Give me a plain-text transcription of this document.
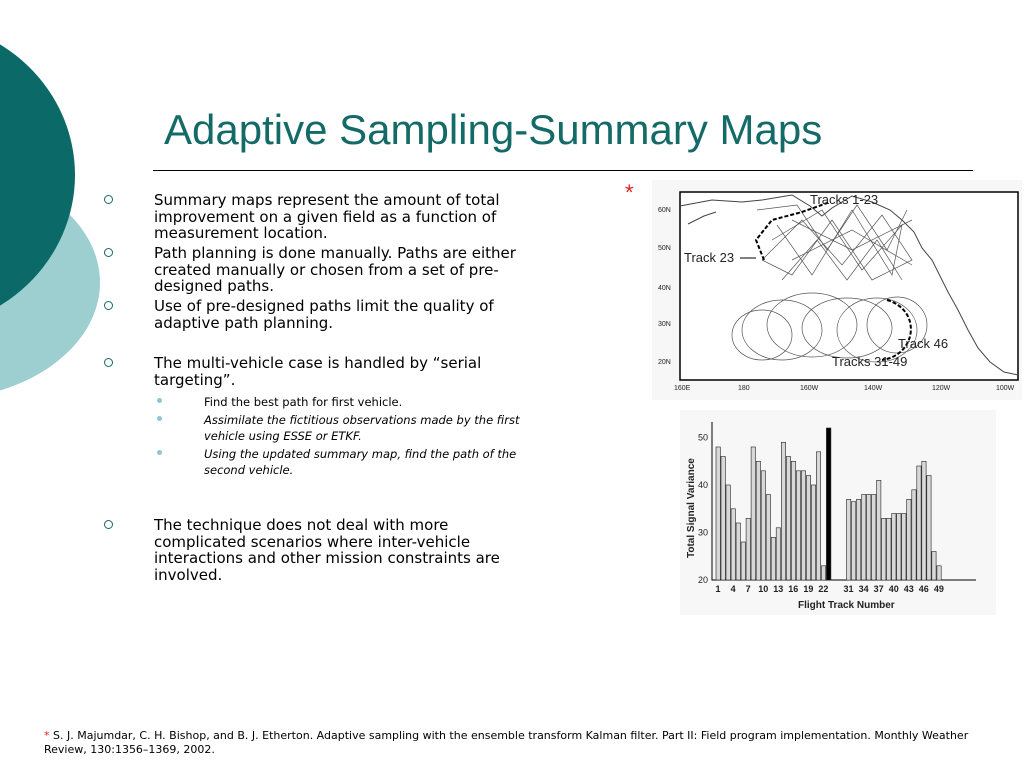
Adaptive Sampling-Summary Maps
Summary maps represent the amount of total improvement on a given field as a function of measurement location.
Path planning is done manually. Paths are either created manually or chosen from a set of pre-designed paths.
Use of pre-designed paths limit the quality of adaptive path planning.
The multi-vehicle case is handled by “serial targeting”.
Find the best path for first vehicle.
Assimilate the fictitious observations made by the first vehicle using ESSE or ETKF.
Using the updated summary map, find the path of the second vehicle.
The technique does not deal with more complicated scenarios where inter-vehicle interactions and other mission constraints are involved.
*	Tracks 1-23
Track 23
Track 46
Tracks 31-49
60N
50N
40N
30N
20N
160E	180	160W	140W	120W	100W
20
30
40
50
1 4 7 10 13 16 19 22 31 34 37 40 43 46 49
Total Signal Variance
Flight Track Number
* S. J. Majumdar, C. H. Bishop, and B. J. Etherton. Adaptive sampling with the ensemble transform Kalman filter. Part II: Field program implementation. Monthly Weather Review, 130:1356–1369, 2002.
